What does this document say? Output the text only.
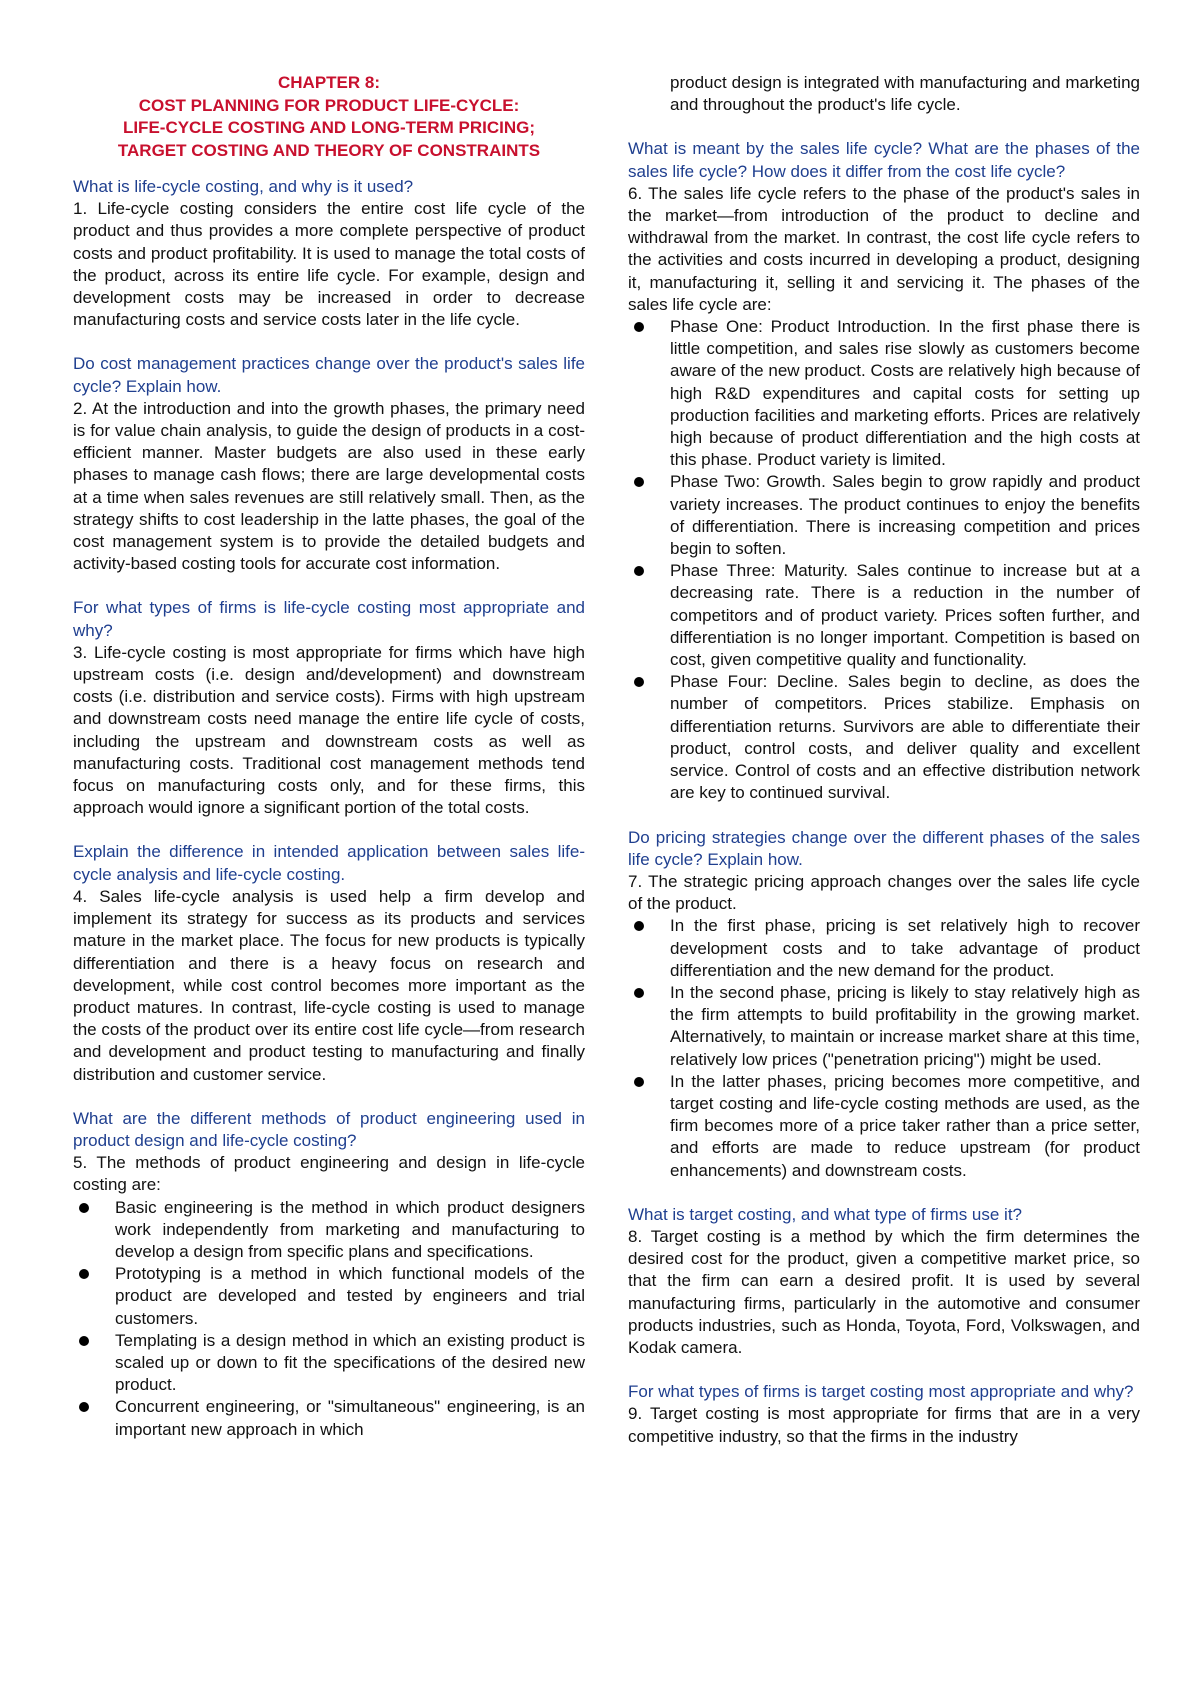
CHAPTER 8:
COST PLANNING FOR PRODUCT LIFE-CYCLE:
LIFE-CYCLE COSTING AND LONG-TERM PRICING;
TARGET COSTING AND THEORY OF CONSTRAINTS

What is life-cycle costing, and why is it used?

1. Life-cycle costing considers the entire cost life cycle of the product and thus provides a more complete perspective of product costs and product profitability. It is used to manage the total costs of the product, across its entire life cycle. For example, design and development costs may be increased in order to decrease manufacturing costs and service costs later in the life cycle.

Do cost management practices change over the product's sales life cycle? Explain how.

2. At the introduction and into the growth phases, the primary need is for value chain analysis, to guide the design of products in a cost-efficient manner. Master budgets are also used in these early phases to manage cash flows; there are large developmental costs at a time when sales revenues are still relatively small. Then, as the strategy shifts to cost leadership in the latte phases, the goal of the cost management system is to provide the detailed budgets and activity-based costing tools for accurate cost information.

For what types of firms is life-cycle costing most appropriate and why?

3. Life-cycle costing is most appropriate for firms which have high upstream costs (i.e. design and/development) and downstream costs (i.e. distribution and service costs). Firms with high upstream and downstream costs need manage the entire life cycle of costs, including the upstream and downstream costs as well as manufacturing costs. Traditional cost management methods tend focus on manufacturing costs only, and for these firms, this approach would ignore a significant portion of the total costs.

Explain the difference in intended application between sales life-cycle analysis and life-cycle costing.

4. Sales life-cycle analysis is used help a firm develop and implement its strategy for success as its products and services mature in the market place. The focus for new products is typically differentiation and there is a heavy focus on research and development, while cost control becomes more important as the product matures. In contrast, life-cycle costing is used to manage the costs of the product over its entire cost life cycle—from research and development and product testing to manufacturing and finally distribution and customer service.

What are the different methods of product engineering used in product design and life-cycle costing?

5. The methods of product engineering and design in life-cycle costing are:

Basic engineering is the method in which product designers work independently from marketing and manufacturing to develop a design from specific plans and specifications.
Prototyping is a method in which functional models of the product are developed and tested by engineers and trial customers.
Templating is a design method in which an existing product is scaled up or down to fit the specifications of the desired new product.
Concurrent engineering, or "simultaneous" engineering, is an important new approach in which

product design is integrated with manufacturing and marketing and throughout the product's life cycle.

What is meant by the sales life cycle? What are the phases of the sales life cycle? How does it differ from the cost life cycle?

6. The sales life cycle refers to the phase of the product's sales in the market—from introduction of the product to decline and withdrawal from the market. In contrast, the cost life cycle refers to the activities and costs incurred in developing a product, designing it, manufacturing it, selling it and servicing it. The phases of the sales life cycle are:

Phase One: Product Introduction. In the first phase there is little competition, and sales rise slowly as customers become aware of the new product. Costs are relatively high because of high R&D expenditures and capital costs for setting up production facilities and marketing efforts. Prices are relatively high because of product differentiation and the high costs at this phase. Product variety is limited.
Phase Two: Growth. Sales begin to grow rapidly and product variety increases. The product continues to enjoy the benefits of differentiation. There is increasing competition and prices begin to soften.
Phase Three: Maturity. Sales continue to increase but at a decreasing rate. There is a reduction in the number of competitors and of product variety. Prices soften further, and differentiation is no longer important. Competition is based on cost, given competitive quality and functionality.
Phase Four: Decline. Sales begin to decline, as does the number of competitors. Prices stabilize. Emphasis on differentiation returns. Survivors are able to differentiate their product, control costs, and deliver quality and excellent service. Control of costs and an effective distribution network are key to continued survival.

Do pricing strategies change over the different phases of the sales life cycle? Explain how.

7. The strategic pricing approach changes over the sales life cycle of the product.

In the first phase, pricing is set relatively high to recover development costs and to take advantage of product differentiation and the new demand for the product.
In the second phase, pricing is likely to stay relatively high as the firm attempts to build profitability in the growing market. Alternatively, to maintain or increase market share at this time, relatively low prices ("penetration pricing") might be used.
In the latter phases, pricing becomes more competitive, and target costing and life-cycle costing methods are used, as the firm becomes more of a price taker rather than a price setter, and efforts are made to reduce upstream (for product enhancements) and downstream costs.

What is target costing, and what type of firms use it?

8. Target costing is a method by which the firm determines the desired cost for the product, given a competitive market price, so that the firm can earn a desired profit. It is used by several manufacturing firms, particularly in the automotive and consumer products industries, such as Honda, Toyota, Ford, Volkswagen, and Kodak camera.

For what types of firms is target costing most appropriate and why?

9. Target costing is most appropriate for firms that are in a very competitive industry, so that the firms in the industry
